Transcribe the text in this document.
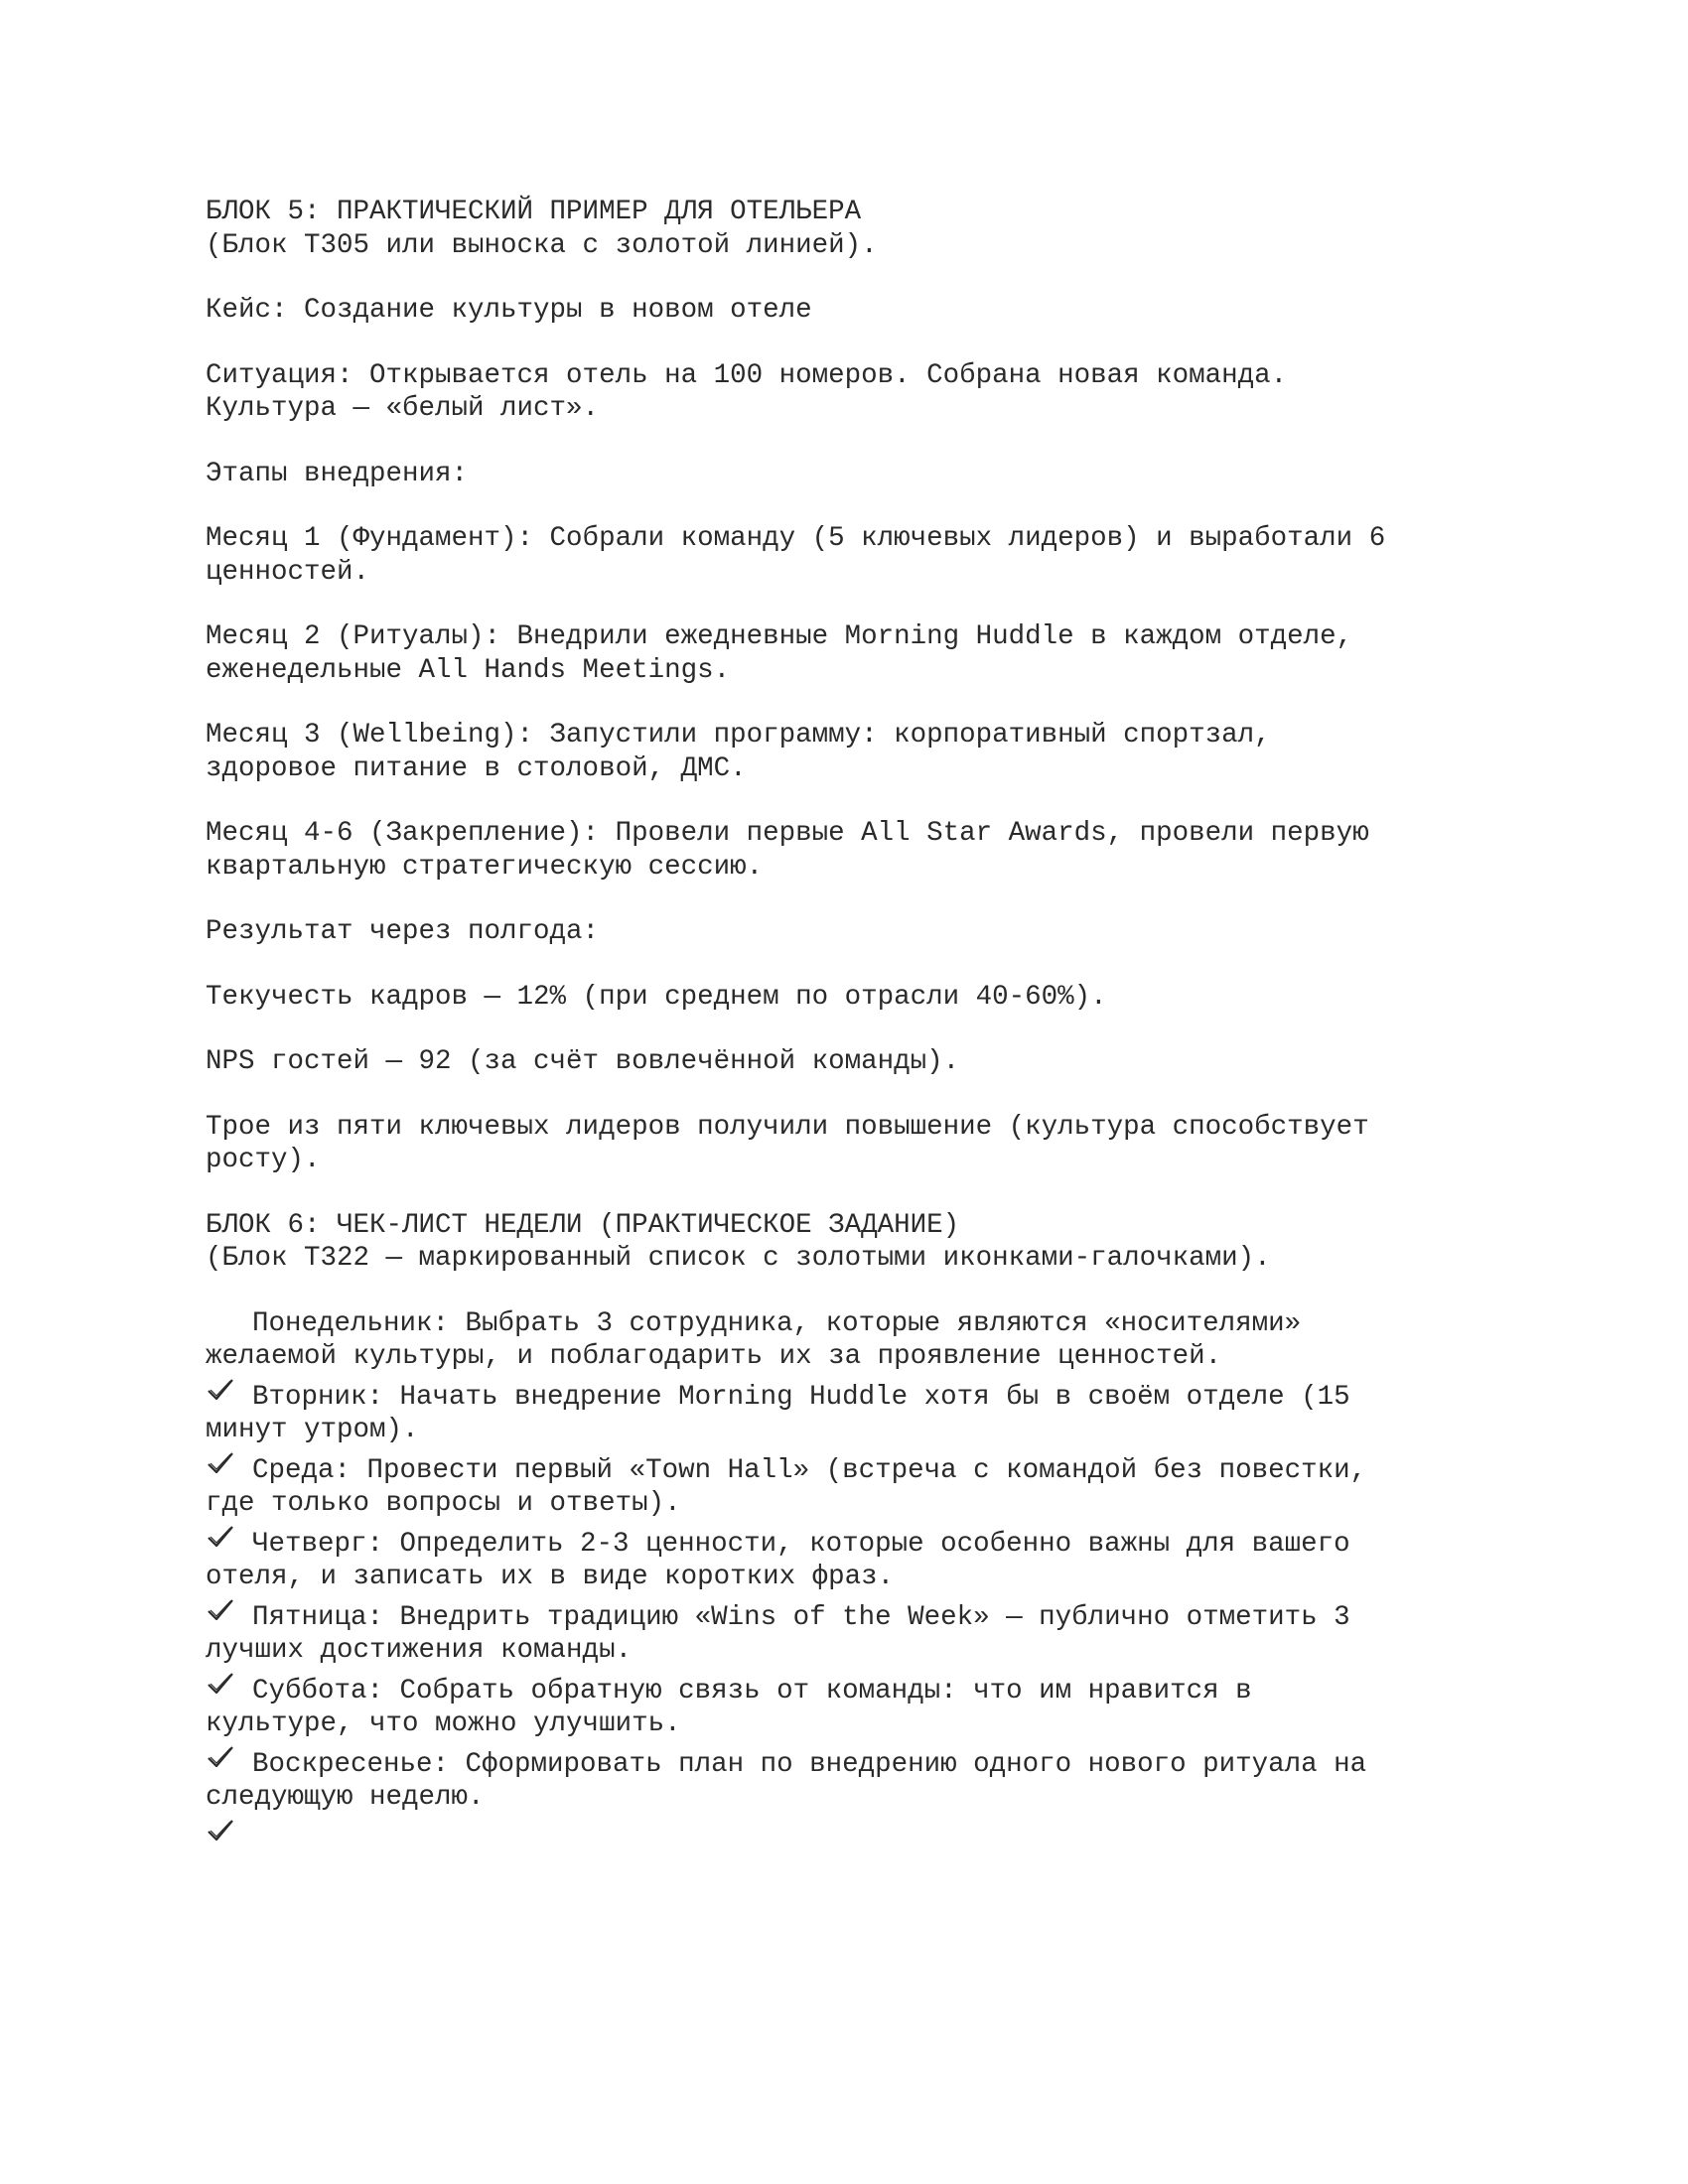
БЛОК 5: ПРАКТИЧЕСКИЙ ПРИМЕР ДЛЯ ОТЕЛЬЕРА
(Блок T305 или выноска с золотой линией).
Кейс: Создание культуры в новом отеле
Ситуация: Открывается отель на 100 номеров. Собрана новая команда.
Культура — «белый лист».
Этапы внедрения:
Месяц 1 (Фундамент): Собрали команду (5 ключевых лидеров) и выработали 6
ценностей.
Месяц 2 (Ритуалы): Внедрили ежедневные Morning Huddle в каждом отделе,
еженедельные All Hands Meetings.
Месяц 3 (Wellbeing): Запустили программу: корпоративный спортзал,
здоровое питание в столовой, ДМС.
Месяц 4-6 (Закрепление): Провели первые All Star Awards, провели первую
квартальную стратегическую сессию.
Результат через полгода:
Текучесть кадров — 12% (при среднем по отрасли 40-60%).
NPS гостей — 92 (за счёт вовлечённой команды).
Трое из пяти ключевых лидеров получили повышение (культура способствует
росту).
БЛОК 6: ЧЕК-ЛИСТ НЕДЕЛИ (ПРАКТИЧЕСКОЕ ЗАДАНИЕ)
(Блок T322 — маркированный список с золотыми иконками-галочками).

Понедельник: Выбрать 3 сотрудника, которые являются «носителями»
желаемой культуры, и поблагодарить их за проявление ценностей.

Вторник: Начать внедрение Morning Huddle хотя бы в своём отделе (15
минут утром).

Среда: Провести первый «Town Hall» (встреча с командой без повестки,
где только вопросы и ответы).

Четверг: Определить 2-3 ценности, которые особенно важны для вашего
отеля, и записать их в виде коротких фраз.

Пятница: Внедрить традицию «Wins of the Week» — публично отметить 3
лучших достижения команды.

Суббота: Собрать обратную связь от команды: что им нравится в
культуре, что можно улучшить.

Воскресенье: Сформировать план по внедрению одного нового ритуала на
следующую неделю.
